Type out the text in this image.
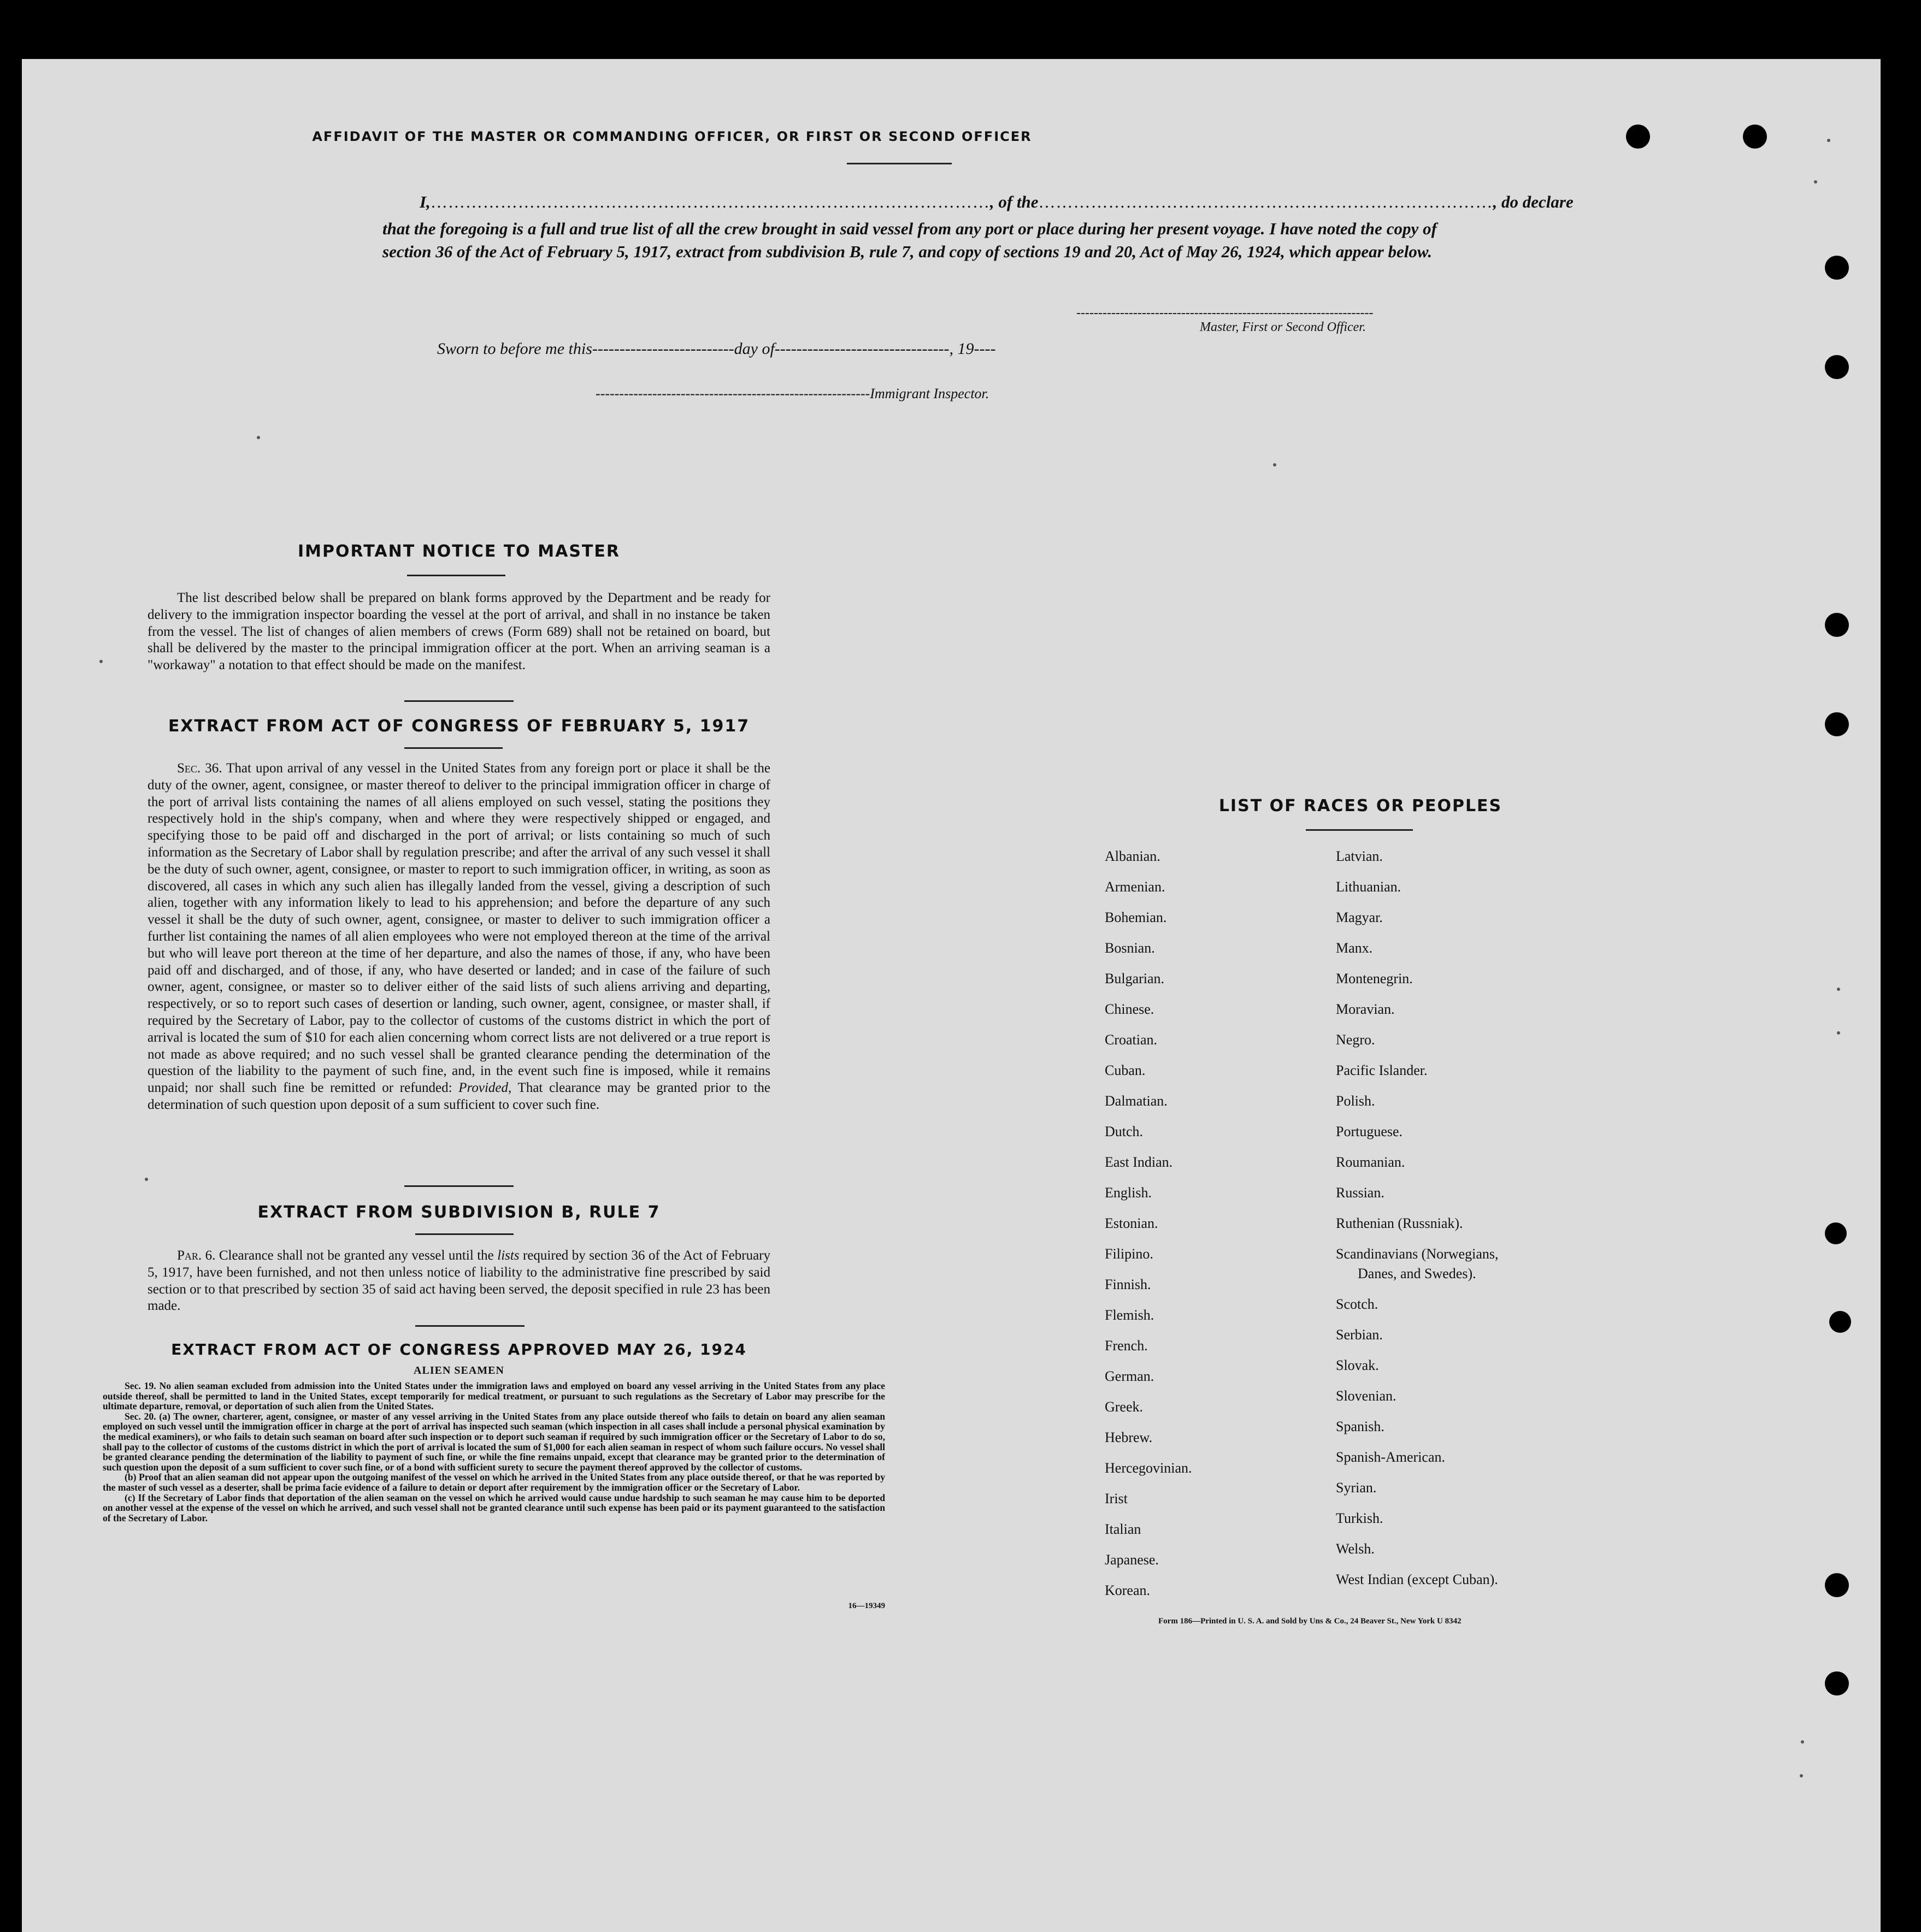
AFFIDAVIT OF THE MASTER OR COMMANDING OFFICER, OR FIRST OR SECOND OFFICER
I,……………………………………………………………………………………, of the……………………………………………………………………, do declare
that the foregoing is a full and true list of all the crew brought in said vessel from any port or place during her present voyage. I have noted the copy of section 36 of the Act of February 5, 1917, extract from subdivision B, rule 7, and copy of sections 19 and 20, Act of May 26, 1924, which appear below.
--------------------------------------------------------------------
Master, First or Second Officer.
Sworn to before me this--------------------------day of--------------------------------, 19----
----------------------------------------------------------Immigrant Inspector.
IMPORTANT NOTICE TO MASTER
The list described below shall be prepared on blank forms approved by the Department and be ready for delivery to the immigration inspector boarding the vessel at the port of arrival, and shall in no instance be taken from the vessel. The list of changes of alien members of crews (Form 689) shall not be retained on board, but shall be delivered by the master to the principal immigration officer at the port. When an arriving seaman is a "workaway" a notation to that effect should be made on the manifest.
EXTRACT FROM ACT OF CONGRESS OF FEBRUARY 5, 1917
Sec. 36. That upon arrival of any vessel in the United States from any foreign port or place it shall be the duty of the owner, agent, consignee, or master thereof to deliver to the principal immigration officer in charge of the port of arrival lists containing the names of all aliens employed on such vessel, stating the positions they respectively hold in the ship's company, when and where they were respectively shipped or engaged, and specifying those to be paid off and discharged in the port of arrival; or lists containing so much of such information as the Secretary of Labor shall by regulation prescribe; and after the arrival of any such vessel it shall be the duty of such owner, agent, consignee, or master to report to such immigration officer, in writing, as soon as discovered, all cases in which any such alien has illegally landed from the vessel, giving a description of such alien, together with any information likely to lead to his apprehension; and before the departure of any such vessel it shall be the duty of such owner, agent, consignee, or master to deliver to such immigration officer a further list containing the names of all alien employees who were not employed thereon at the time of the arrival but who will leave port thereon at the time of her departure, and also the names of those, if any, who have been paid off and discharged, and of those, if any, who have deserted or landed; and in case of the failure of such owner, agent, consignee, or master so to deliver either of the said lists of such aliens arriving and departing, respectively, or so to report such cases of desertion or landing, such owner, agent, consignee, or master shall, if required by the Secretary of Labor, pay to the collector of customs of the customs district in which the port of arrival is located the sum of $10 for each alien concerning whom correct lists are not delivered or a true report is not made as above required; and no such vessel shall be granted clearance pending the determination of the question of the liability to the payment of such fine, and, in the event such fine is imposed, while it remains unpaid; nor shall such fine be remitted or refunded: Provided, That clearance may be granted prior to the determination of such question upon deposit of a sum sufficient to cover such fine.
EXTRACT FROM SUBDIVISION B, RULE 7
Par. 6. Clearance shall not be granted any vessel until the lists required by section 36 of the Act of February 5, 1917, have been furnished, and not then unless notice of liability to the administrative fine prescribed by said section or to that prescribed by section 35 of said act having been served, the deposit specified in rule 23 has been made.
EXTRACT FROM ACT OF CONGRESS APPROVED MAY 26, 1924
ALIEN SEAMEN
Sec. 19. No alien seaman excluded from admission into the United States under the immigration laws and employed on board any vessel arriving in the United States from any place outside thereof, shall be permitted to land in the United States, except temporarily for medical treatment, or pursuant to such regulations as the Secretary of Labor may prescribe for the ultimate departure, removal, or deportation of such alien from the United States.
Sec. 20. (a) The owner, charterer, agent, consignee, or master of any vessel arriving in the United States from any place outside thereof who fails to detain on board any alien seaman employed on such vessel until the immigration officer in charge at the port of arrival has inspected such seaman (which inspection in all cases shall include a personal physical examination by the medical examiners), or who fails to detain such seaman on board after such inspection or to deport such seaman if required by such immigration officer or the Secretary of Labor to do so, shall pay to the collector of customs of the customs district in which the port of arrival is located the sum of $1,000 for each alien seaman in respect of whom such failure occurs. No vessel shall be granted clearance pending the determination of the liability to payment of such fine, or while the fine remains unpaid, except that clearance may be granted prior to the determination of such question upon the deposit of a sum sufficient to cover such fine, or of a bond with sufficient surety to secure the payment thereof approved by the collector of customs.
(b) Proof that an alien seaman did not appear upon the outgoing manifest of the vessel on which he arrived in the United States from any place outside thereof, or that he was reported by the master of such vessel as a deserter, shall be prima facie evidence of a failure to detain or deport after requirement by the immigration officer or the Secretary of Labor.
(c) If the Secretary of Labor finds that deportation of the alien seaman on the vessel on which he arrived would cause undue hardship to such seaman he may cause him to be deported on another vessel at the expense of the vessel on which he arrived, and such vessel shall not be granted clearance until such expense has been paid or its payment guaranteed to the satisfaction of the Secretary of Labor.
16—19349
LIST OF RACES OR PEOPLES
Albanian.
Armenian.
Bohemian.
Bosnian.
Bulgarian.
Chinese.
Croatian.
Cuban.
Dalmatian.
Dutch.
East Indian.
English.
Estonian.
Filipino.
Finnish.
Flemish.
French.
German.
Greek.
Hebrew.
Hercegovinian.
Irist
Italian
Japanese.
Korean.
Latvian.
Lithuanian.
Magyar.
Manx.
Montenegrin.
Moravian.
Negro.
Pacific Islander.
Polish.
Portuguese.
Roumanian.
Russian.
Ruthenian (Russniak).
Scandinavians (Norwegians,
Danes, and Swedes).
Scotch.
Serbian.
Slovak.
Slovenian.
Spanish.
Spanish-American.
Syrian.
Turkish.
Welsh.
West Indian (except Cuban).
Form 186—Printed in U. S. A. and Sold by Uns & Co., 24 Beaver St., New York U 8342
